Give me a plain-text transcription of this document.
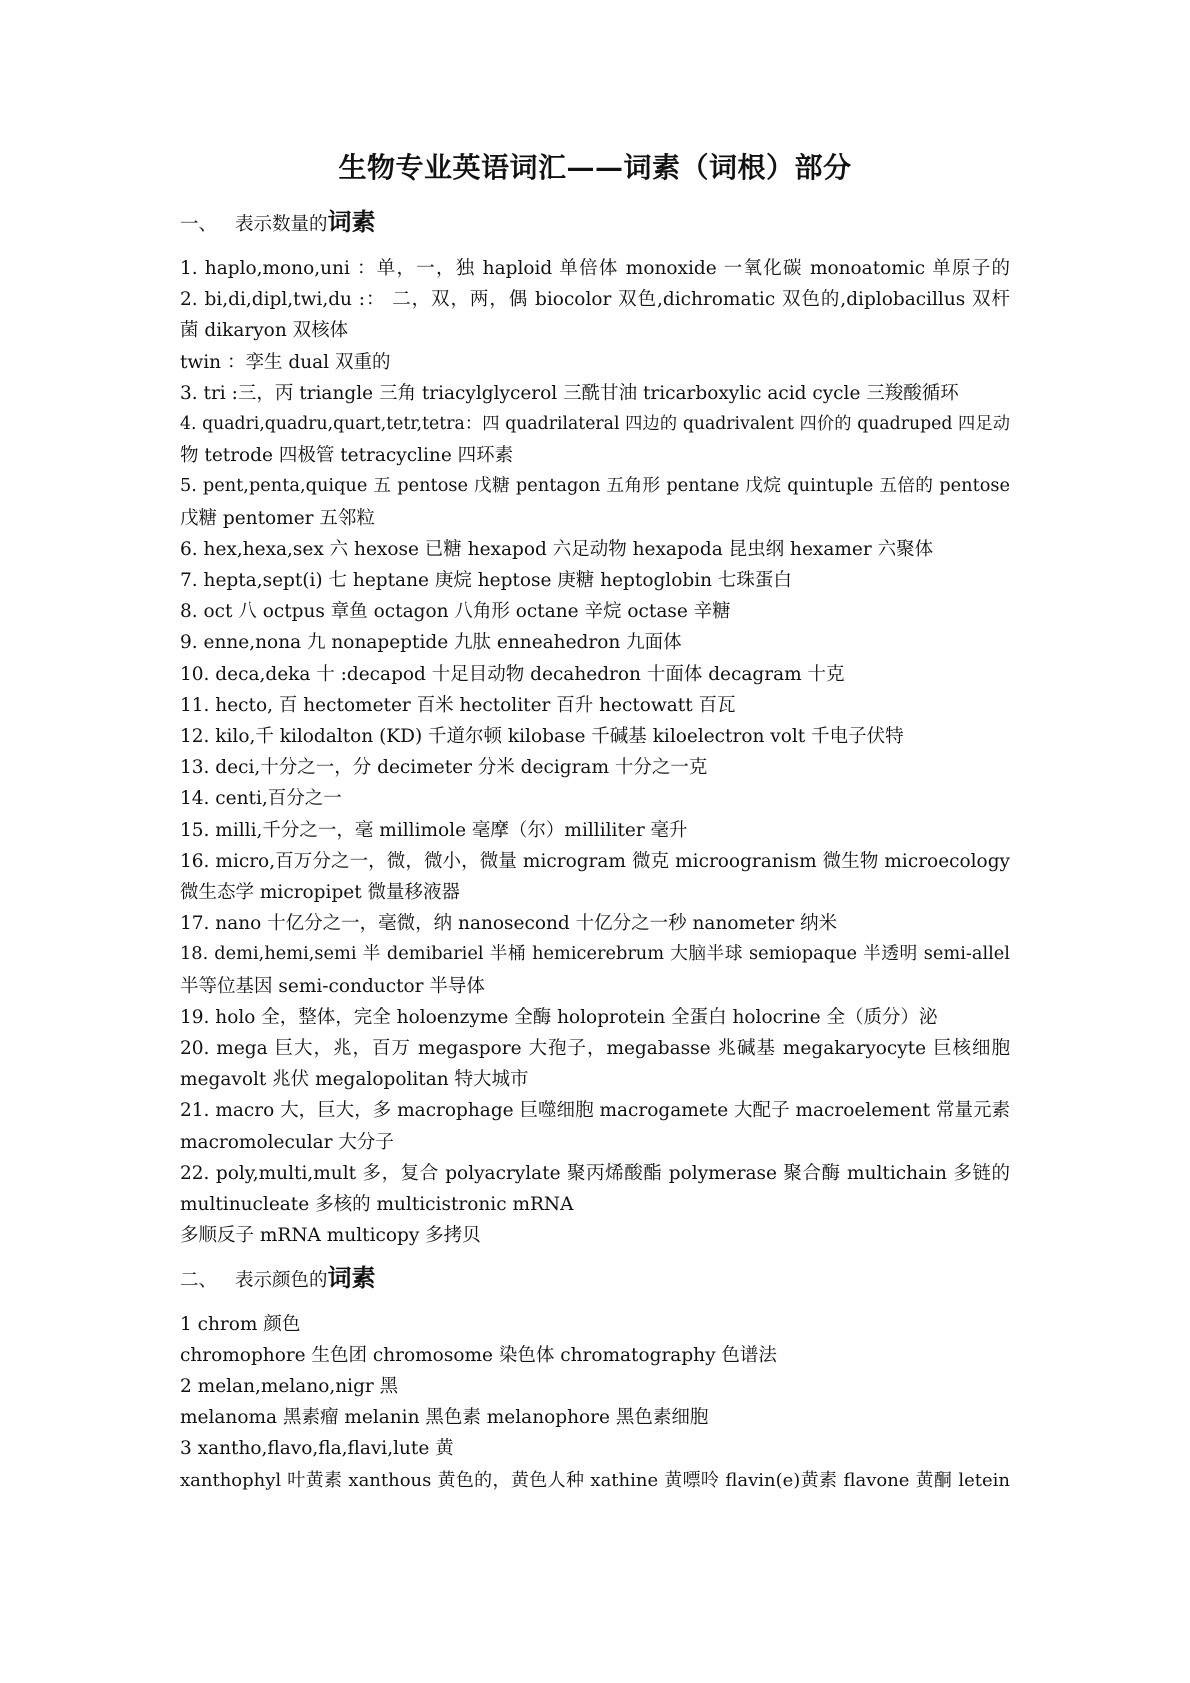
生物专业英语词汇——词素（词根）部分
一、 表示数量的词素
1. haplo,mono,uni ：单，一，独 haploid 单倍体 monoxide 一氧化碳 monoatomic 单原子的
2. bi,di,dipl,twi,du :： 二，双，两，偶 biocolor 双色,dichromatic 双色的,diplobacillus 双杆
菌 dikaryon 双核体
twin ：孪生 dual 双重的
3. tri :三，丙 triangle 三角 triacylglycerol 三酰甘油 tricarboxylic acid cycle 三羧酸循环
4. quadri,quadru,quart,tetr,tetra：四 quadrilateral 四边的 quadrivalent 四价的 quadruped 四足动
物 tetrode 四极管 tetracycline 四环素
5. pent,penta,quique 五 pentose 戊糖 pentagon 五角形 pentane 戊烷 quintuple 五倍的 pentose
戊糖 pentomer 五邻粒
6. hex,hexa,sex 六 hexose 已糖 hexapod 六足动物 hexapoda 昆虫纲 hexamer 六聚体
7. hepta,sept(i) 七 heptane 庚烷 heptose 庚糖 heptoglobin 七珠蛋白
8. oct 八 octpus 章鱼 octagon 八角形 octane 辛烷 octase 辛糖
9. enne,nona 九 nonapeptide 九肽 enneahedron 九面体
10. deca,deka 十 :decapod 十足目动物 decahedron 十面体 decagram 十克
11. hecto, 百 hectometer 百米 hectoliter 百升 hectowatt 百瓦
12. kilo,千 kilodalton (KD) 千道尔顿 kilobase 千碱基 kiloelectron volt 千电子伏特
13. deci,十分之一，分 decimeter 分米 decigram 十分之一克
14. centi,百分之一
15. milli,千分之一，毫 millimole 毫摩（尔）milliliter 毫升
16. micro,百万分之一，微，微小，微量 microgram 微克 microogranism 微生物 microecology
微生态学 micropipet 微量移液器
17. nano 十亿分之一，毫微，纳 nanosecond 十亿分之一秒 nanometer 纳米
18. demi,hemi,semi 半 demibariel 半桶 hemicerebrum 大脑半球 semiopaque 半透明 semi-allel
半等位基因 semi-conductor 半导体
19. holo 全，整体，完全 holoenzyme 全酶 holoprotein 全蛋白 holocrine 全（质分）泌
20. mega 巨大，兆，百万 megaspore 大孢子，megabasse 兆碱基 megakaryocyte 巨核细胞
megavolt 兆伏 megalopolitan 特大城市
21. macro 大，巨大，多 macrophage 巨噬细胞 macrogamete 大配子 macroelement 常量元素
macromolecular 大分子
22. poly,multi,mult 多，复合 polyacrylate 聚丙烯酸酯 polymerase 聚合酶 multichain 多链的
multinucleate 多核的 multicistronic mRNA
多顺反子 mRNA multicopy 多拷贝
二、 表示颜色的词素
1 chrom 颜色
chromophore 生色团 chromosome 染色体 chromatography 色谱法
2 melan,melano,nigr 黑
melanoma 黑素瘤 melanin 黑色素 melanophore 黑色素细胞
3 xantho,flavo,fla,flavi,lute 黄
xanthophyl 叶黄素 xanthous 黄色的，黄色人种 xathine 黄嘌呤 flavin(e)黄素 flavone 黄酮 letein
